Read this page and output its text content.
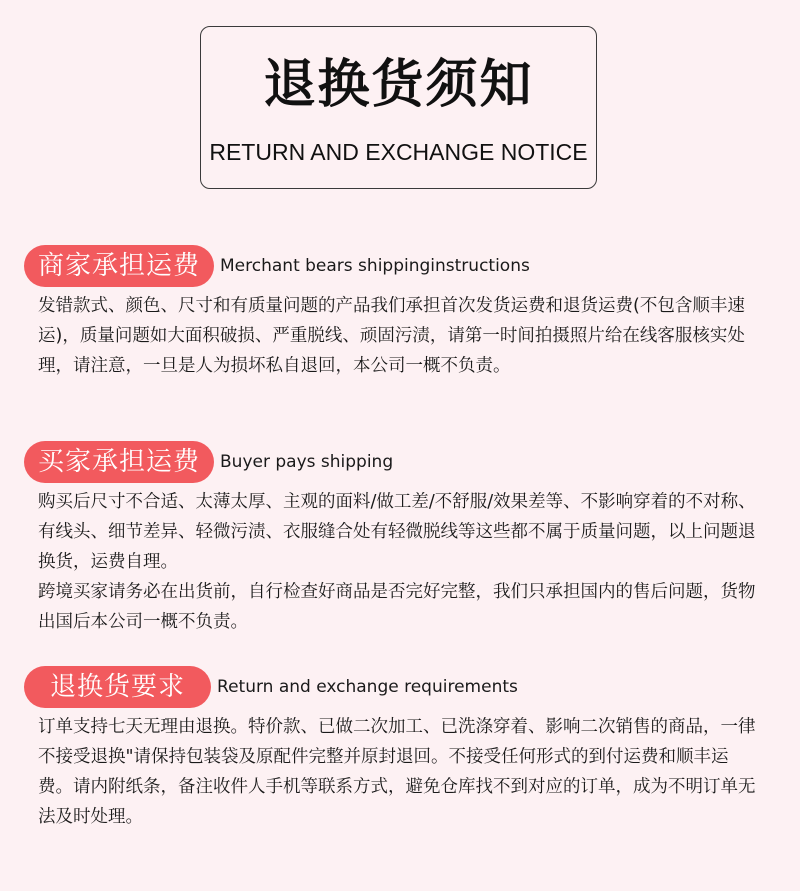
退换货须知
RETURN AND EXCHANGE NOTICE
商家承担运费	Merchant bears shippinginstructions

发错款式、颜色、尺寸和有质量问题的产品我们承担首次发货运费和退货运费(不包含顺丰速运)，质量问题如大面积破损、严重脱线、顽固污渍，请第一时间拍摄照片给在线客服核实处理，请注意，一旦是人为损坏私自退回，本公司一概不负责。

买家承担运费	Buyer pays shipping

购买后尺寸不合适、太薄太厚、主观的面料/做工差/不舒服/效果差等、不影响穿着的不对称、有线头、细节差异、轻微污渍、衣服缝合处有轻微脱线等这些都不属于质量问题，以上问题退换货，运费自理。

跨境买家请务必在出货前，自行检查好商品是否完好完整，我们只承担国内的售后问题，货物出国后本公司一概不负责。

退换货要求	Return and exchange requirements

订单支持七天无理由退换。特价款、已做二次加工、已洗涤穿着、影响二次销售的商品，一律不接受退换"请保持包装袋及原配件完整并原封退回。不接受任何形式的到付运费和顺丰运费。请内附纸条，备注收件人手机等联系方式，避免仓库找不到对应的订单，成为不明订单无法及时处理。
